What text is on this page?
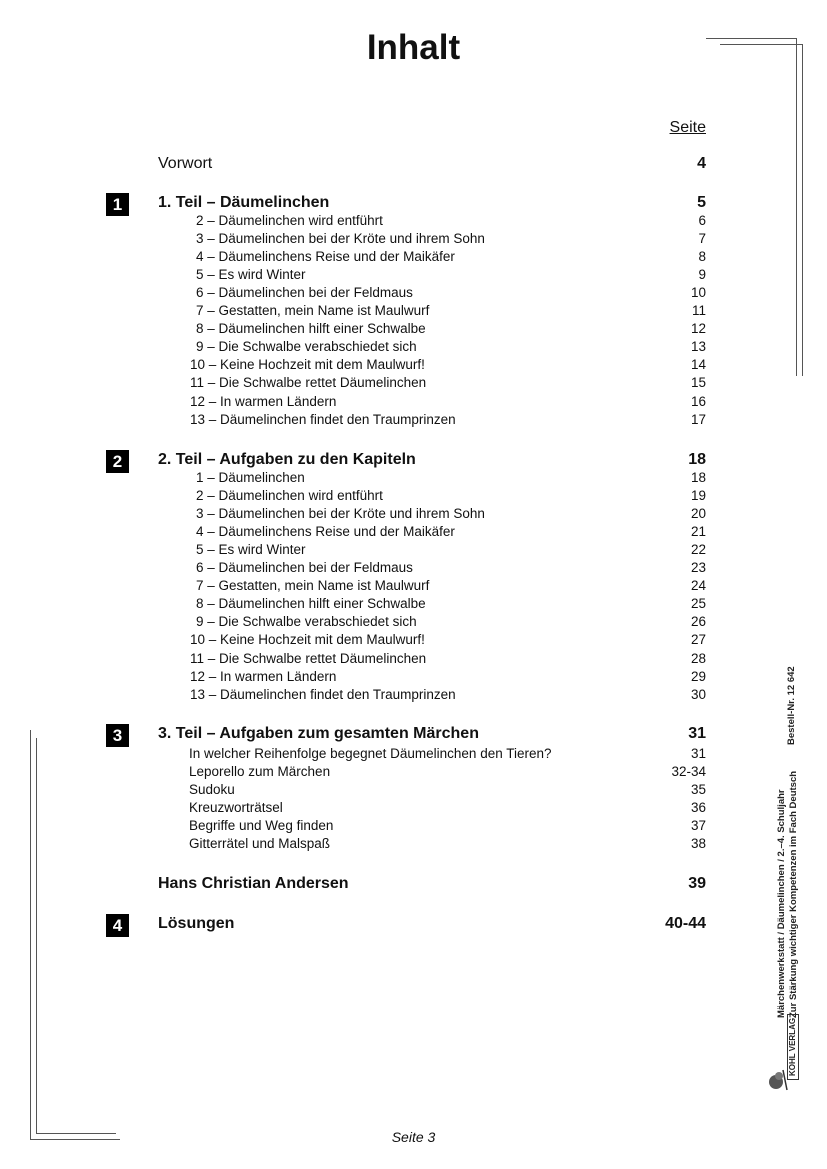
Inhalt
Seite
Vorwort	4
1	1. Teil – Däumelinchen	5
2 – Däumelinchen wird entführt	6
3 – Däumelinchen bei der Kröte und ihrem Sohn	7
4 – Däumelinchens Reise und der Maikäfer	8
5 – Es wird Winter	9
6 – Däumelinchen bei der Feldmaus	10
7 – Gestatten, mein Name ist Maulwurf	11
8 – Däumelinchen hilft einer Schwalbe	12
9 – Die Schwalbe verabschiedet sich	13
10 – Keine Hochzeit mit dem Maulwurf!	14
11 – Die Schwalbe rettet Däumelinchen	15
12 – In warmen Ländern	16
13 – Däumelinchen findet den Traumprinzen	17
2	2. Teil – Aufgaben zu den Kapiteln	18
1 – Däumelinchen	18
2 – Däumelinchen wird entführt	19
3 – Däumelinchen bei der Kröte und ihrem Sohn	20
4 – Däumelinchens Reise und der Maikäfer	21
5 – Es wird Winter	22
6 – Däumelinchen bei der Feldmaus	23
7 – Gestatten, mein Name ist Maulwurf	24
8 – Däumelinchen hilft einer Schwalbe	25
9 – Die Schwalbe verabschiedet sich	26
10 – Keine Hochzeit mit dem Maulwurf!	27
11 – Die Schwalbe rettet Däumelinchen	28
12 – In warmen Ländern	29
13 – Däumelinchen findet den Traumprinzen	30
3	3. Teil – Aufgaben zum gesamten Märchen	31
In welcher Reihenfolge begegnet Däumelinchen den Tieren?	31
Leporello zum Märchen	32-34
Sudoku	35
Kreuzworträtsel	36
Begriffe und Weg finden	37
Gitterrätel und Malspaß	38
Hans Christian Andersen	39
4	Lösungen	40-44	Märchenwerkstatt / Däumelinchen / 2.–4. Schuljahr Zur Stärkung wichtiger Kompetenzen im Fach Deutsch
Bestell-Nr. 12 642
KOHL VERLAG
Seite 3
